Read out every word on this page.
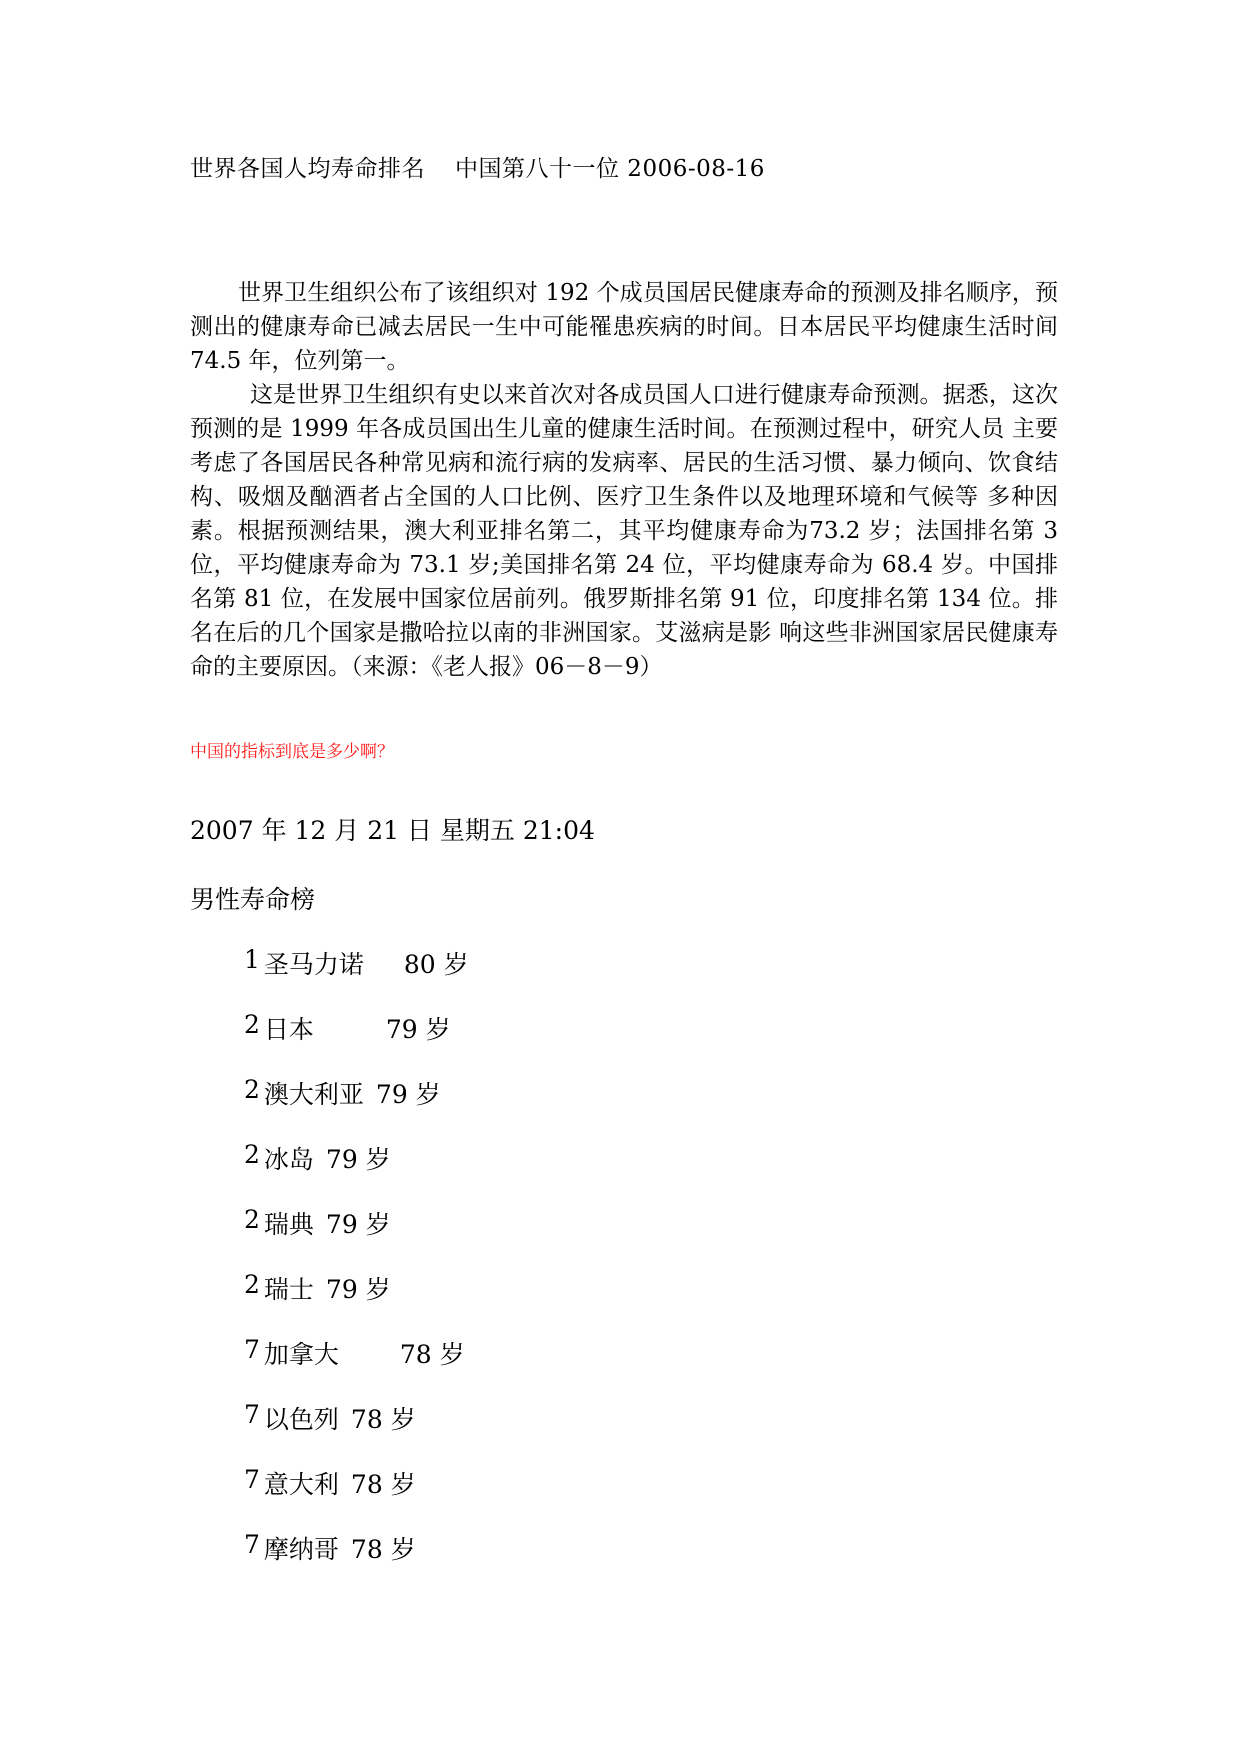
世界各国人均寿命排名 中国第八十一位 2006-08-16

世界卫生组织公布了该组织对 192 个成员国居民健康寿命的预测及排名顺序，预测出的健康寿命已减去居民一生中可能罹患疾病的时间。日本居民平均健康生活时间 74.5 年，位列第一。

这是世界卫生组织有史以来首次对各成员国人口进行健康寿命预测。据悉，这次预测的是 1999 年各成员国出生儿童的健康生活时间。在预测过程中，研究人员 主要考虑了各国居民各种常见病和流行病的发病率、居民的生活习惯、暴力倾向、饮食结构、吸烟及酗酒者占全国的人口比例、医疗卫生条件以及地理环境和气候等 多种因素。根据预测结果，澳大利亚排名第二，其平均健康寿命为73.2 岁；法国排名第 3 位，平均健康寿命为 73.1 岁;美国排名第 24 位，平均健康寿命为 68.4 岁。中国排名第 81 位，在发展中国家位居前列。俄罗斯排名第 91 位，印度排名第 134 位。排名在后的几个国家是撒哈拉以南的非洲国家。艾滋病是影 响这些非洲国家居民健康寿命的主要原因。（来源：《老人报》06－8－9）

中国的指标到底是多少啊？
2007 年 12 月 21 日 星期五 21:04
男性寿命榜
1 圣马力诺	80 岁
2 日本	79 岁
2 澳大利亚 79 岁
2 冰岛 79 岁
2 瑞典 79 岁
2 瑞士 79 岁
7 加拿大	78 岁
7 以色列 78 岁
7 意大利 78 岁
7 摩纳哥 78 岁
